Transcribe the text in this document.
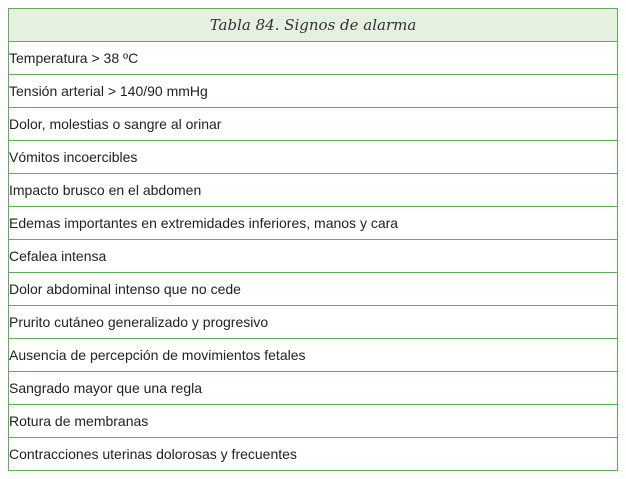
Tabla 84. Signos de alarma
Temperatura > 38 ºC
Tensión arterial > 140/90 mmHg
Dolor, molestias o sangre al orinar
Vómitos incoercibles
Impacto brusco en el abdomen
Edemas importantes en extremidades inferiores, manos y cara
Cefalea intensa
Dolor abdominal intenso que no cede
Prurito cutáneo generalizado y progresivo
Ausencia de percepción de movimientos fetales
Sangrado mayor que una regla
Rotura de membranas
Contracciones uterinas dolorosas y frecuentes
